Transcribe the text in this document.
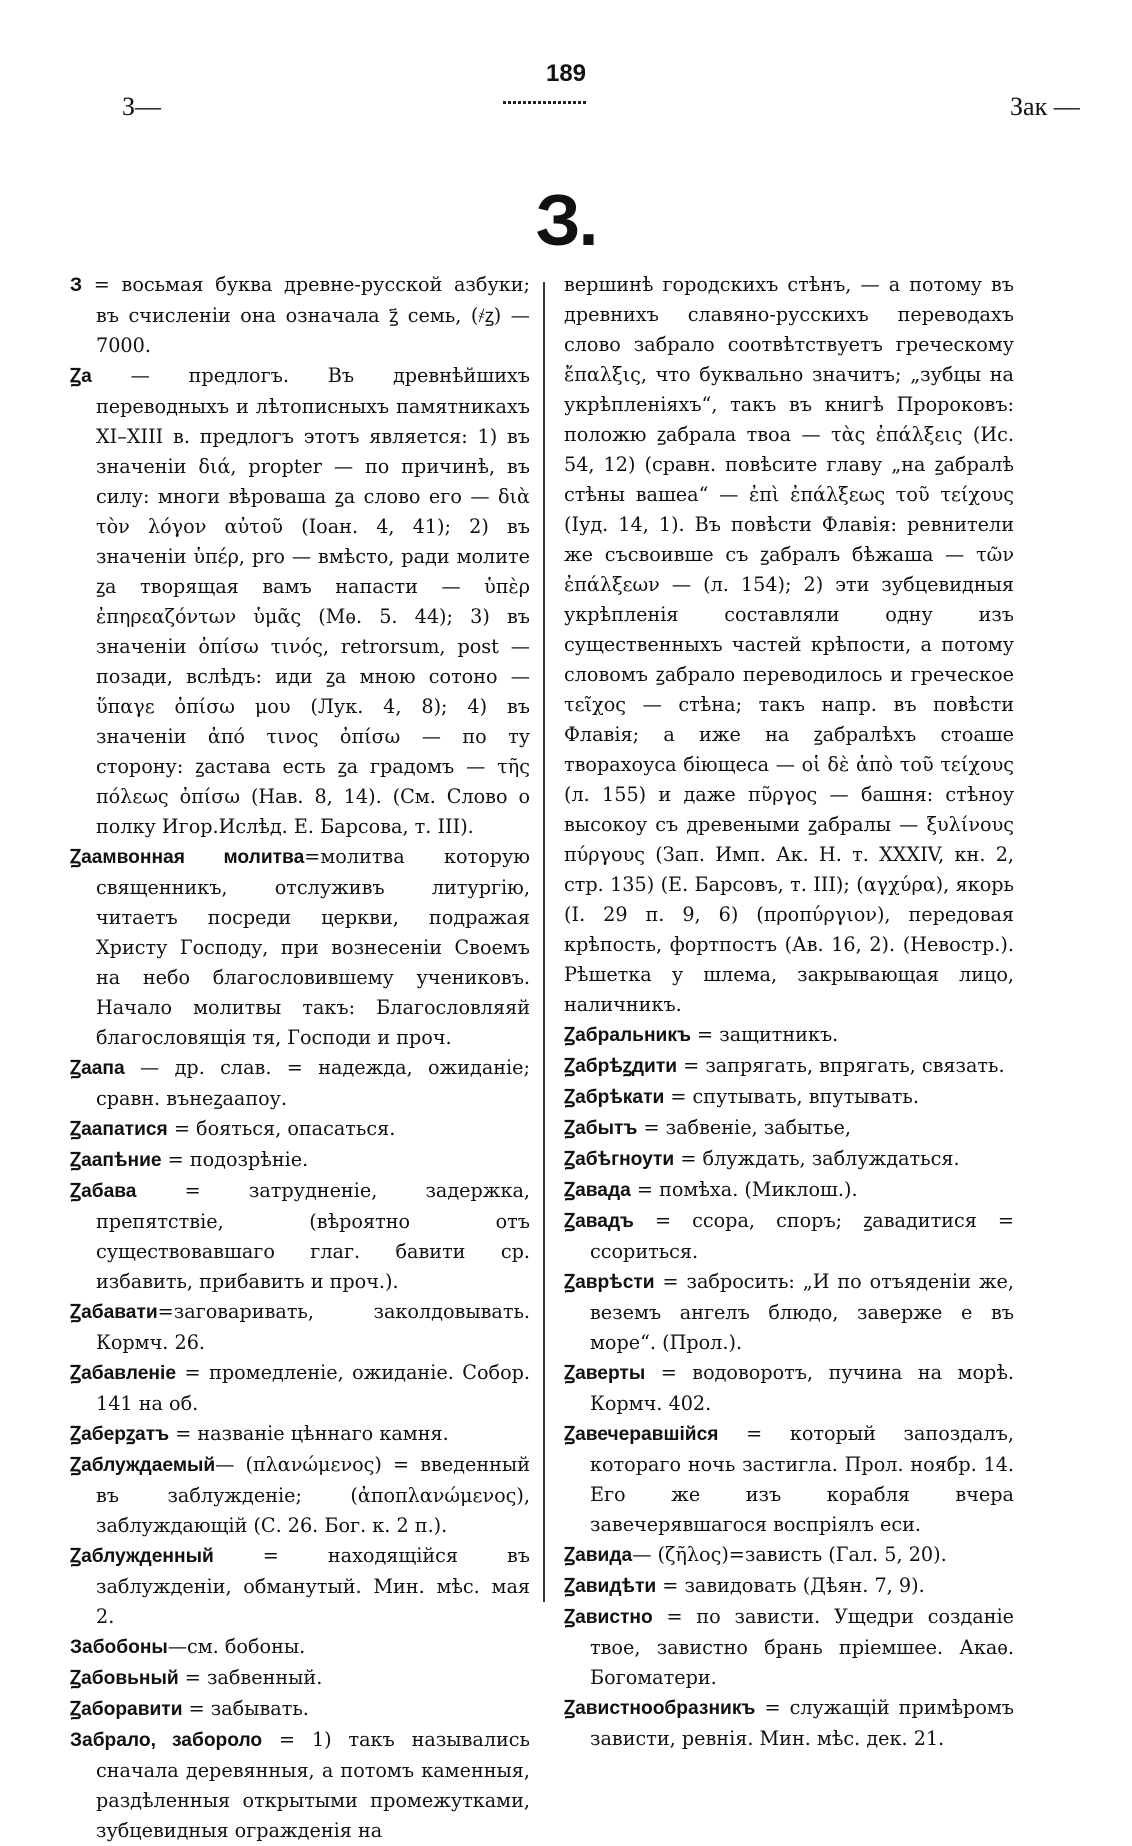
З—
189
Зак —
З.

З = восьмая буква древне-русской азбуки; въ счисленіи она означала ꙁ҃ семь, (҂ꙁ) —7000.

Ꙁа — предлогъ. Въ древнѣйшихъ переводныхъ и лѣтописныхъ памятникахъ XI–XIII в. предлогъ этотъ является: 1) въ значеніи διά, propter — по причинѣ, въ силу: многи вѣроваша ꙁа слово его — διὰ τὸν λόγον αὐτοῦ (Іоан. 4, 41); 2) въ значеніи ὑπέρ, pro — вмѣсто, ради молите ꙁа творящая вамъ напасти — ὑπὲρ ἐπηρεαζόντων ὑμᾶς (Мѳ. 5. 44); 3) въ значеніи ὀπίσω τινός, retrorsum, post — позади, вслѣдъ: иди ꙁа мною сотоно — ὕπαγε ὀπίσω μου (Лук. 4, 8); 4) въ значеніи ἀπό τινος ὀπίσω — по ту сторону: ꙁастава есть ꙁа градомъ — τῆς πόλεως ὀπίσω (Нав. 8, 14). (См. Слово о полку Игор.Ислѣд. Е. Барсова, т. III).

Ꙁаамвонная молитва=молитва которую священникъ, отслуживъ литургію, читаетъ посреди церкви, подражая Христу Господу, при вознесеніи Своемъ на небо благословившему учениковъ. Начало молитвы такъ: Благословляяй благословящія тя, Господи и проч.

Ꙁаапа — др. слав. = надежда, ожиданіе; сравн. вънеꙁаапоу.

Ꙁаапатися = бояться, опасаться.

Ꙁаапѣние = подозрѣніе.

Ꙁабава = затрудненіе, задержка, препятствіе, (вѣроятно отъ существовавшаго глаг. бавити ср. избавить, прибавить и проч.).

Ꙁабавати=заговаривать, заколдовывать. Кормч. 26.

Ꙁабавленіе = промедленіе, ожиданіе. Собор. 141 на об.

Ꙁаберꙁатъ = названіе цѣннаго камня.

Ꙁаблуждаемый— (πλανώμενος) = введенный въ заблужденіе; (ἀποπλανώμενος), заблуждающій (С. 26. Бог. к. 2 п.).

Ꙁаблужденный = находящійся въ заблужденіи, обманутый. Мин. мѣс. мая 2.

Забобоны—см. бобоны.

Ꙁабовьный = забвенный.

Ꙁаборавити = забывать.

Забрало, забороло = 1) такъ назывались сначала деревянныя, а потомъ каменныя, раздѣленныя открытыми промежутками, зубцевидныя огражденія на

вершинѣ городскихъ стѣнъ, — а потому въ древнихъ славяно-русскихъ переводахъ слово забрало соотвѣтствуетъ греческому ἔπαλξις, что буквально значитъ; „зубцы на укрѣпленіяхъ“, такъ въ книгѣ Пророковъ: положю ꙁабрала твоа — τὰς ἐπάλξεις (Ис. 54, 12) (сравн. повѣсите главу „на ꙁабралѣ стѣны вашеа“ — ἐπὶ ἐπάλξεως τοῦ τείχους (Іуд. 14, 1). Въ повѣсти Флавія: ревнители же съсвоивше съ ꙁабралъ бѣжаша — τῶν ἐπάλξεων — (л. 154); 2) эти зубцевидныя укрѣпленія составляли одну изъ существенныхъ частей крѣпости, а потому словомъ ꙁабрало переводилось и греческое τεῖχος — стѣна; такъ напр. въ повѣсти Флавія; а иже на ꙁабралѣхъ стоаше творахоуса біющеса — οἱ δὲ ἀπὸ τοῦ τείχους (л. 155) и даже πῦργος — башня: стѣноу высокоу съ древеными ꙁабралы — ξυλίνους πύργους (Зап. Имп. Ак. Н. т. XXXIV, кн. 2, стр. 135) (Е. Барсовъ, т. III); (αγχύρα), якорь (І. 29 п. 9, 6) (προπύργιον), передовая крѣпость, фортпостъ (Ав. 16, 2). (Невостр.). Рѣшетка у шлема, закрывающая лицо, наличникъ.

Ꙁабральникъ = защитникъ.

Ꙁабрѣꙁдити = запрягать, впрягать, связать.

Ꙁабрѣкати = спутывать, впутывать.

Ꙁабытъ = забвеніе, забытье,

Ꙁабѣгноути = блуждать, заблуждаться.

Ꙁавада = помѣха. (Миклош.).

Ꙁавадъ = ссора, споръ; ꙁавадитися = ссориться.

Ꙁаврѣсти = забросить: „И по отъяденіи же, веземъ ангелъ блюдо, заверже е въ море“. (Прол.).

Ꙁаверты = водоворотъ, пучина на морѣ. Кормч. 402.

Ꙁавечеравшійся = который запоздалъ, котораго ночь застигла. Прол. ноябр. 14. Его же изъ корабля вчера завечерявшагося воспріялъ еси.

Ꙁавида— (ζῆλος)=зависть (Гал. 5, 20).

Ꙁавидѣти = завидовать (Дѣян. 7, 9).

Ꙁавистно = по зависти. Ущедри созданіе твое, завистно брань пріемшее. Акаѳ. Богоматери.

Ꙁавистнообразникъ = служащій примѣромъ зависти, ревнія. Мин. мѣс. дек. 21.
